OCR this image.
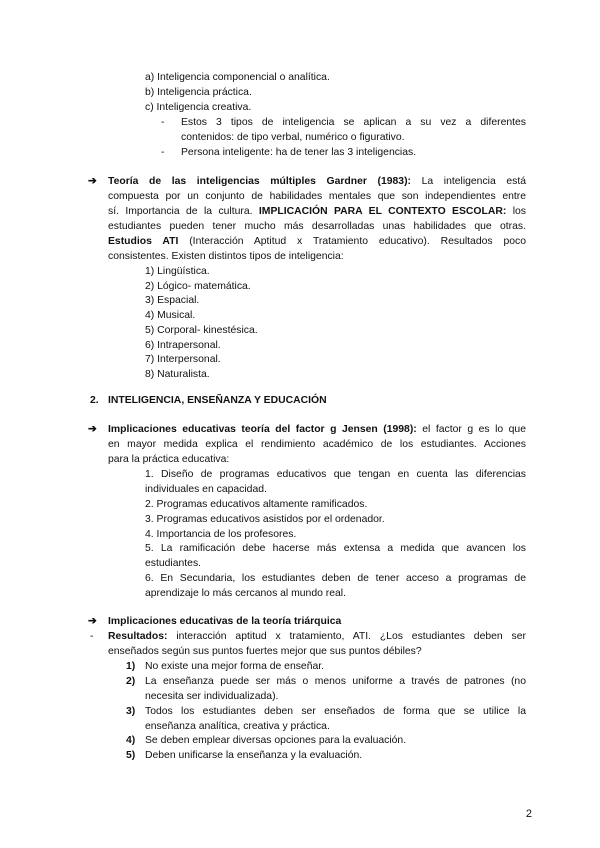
a) Inteligencia componencial o analítica.
b) Inteligencia práctica.
c) Inteligencia creativa.
- Estos 3 tipos de inteligencia se aplican a su vez a diferentes
contenidos: de tipo verbal, numérico o figurativo.
- Persona inteligente: ha de tener las 3 inteligencias.
➔ Teoría de las inteligencias múltiples Gardner (1983): La inteligencia está
compuesta por un conjunto de habilidades mentales que son independientes entre
sí. Importancia de la cultura. IMPLICACIÓN PARA EL CONTEXTO ESCOLAR: los
estudiantes pueden tener mucho más desarrolladas unas habilidades que otras.
Estudios ATI (Interacción Aptitud x Tratamiento educativo). Resultados poco
consistentes. Existen distintos tipos de inteligencia:
1) Lingüística.
2) Lógico- matemática.
3) Espacial.
4) Musical.
5) Corporal- kinestésica.
6) Intrapersonal.
7) Interpersonal.
8) Naturalista.
2. INTELIGENCIA, ENSEÑANZA Y EDUCACIÓN
➔ Implicaciones educativas teoría del factor g Jensen (1998): el factor g es lo que
en mayor medida explica el rendimiento académico de los estudiantes. Acciones
para la práctica educativa:
1. Diseño de programas educativos que tengan en cuenta las diferencias
individuales en capacidad.
2. Programas educativos altamente ramificados.
3. Programas educativos asistidos por el ordenador.
4. Importancia de los profesores.
5. La ramificación debe hacerse más extensa a medida que avancen los
estudiantes.
6. En Secundaria, los estudiantes deben de tener acceso a programas de
aprendizaje lo más cercanos al mundo real.
➔ Implicaciones educativas de la teoría triárquica
- Resultados: interacción aptitud x tratamiento, ATI. ¿Los estudiantes deben ser
enseñados según sus puntos fuertes mejor que sus puntos débiles?
1) No existe una mejor forma de enseñar.
2) La enseñanza puede ser más o menos uniforme a través de patrones (no
necesita ser individualizada).
3) Todos los estudiantes deben ser enseñados de forma que se utilice la
enseñanza analítica, creativa y práctica.
4) Se deben emplear diversas opciones para la evaluación.
5) Deben unificarse la enseñanza y la evaluación.
2
